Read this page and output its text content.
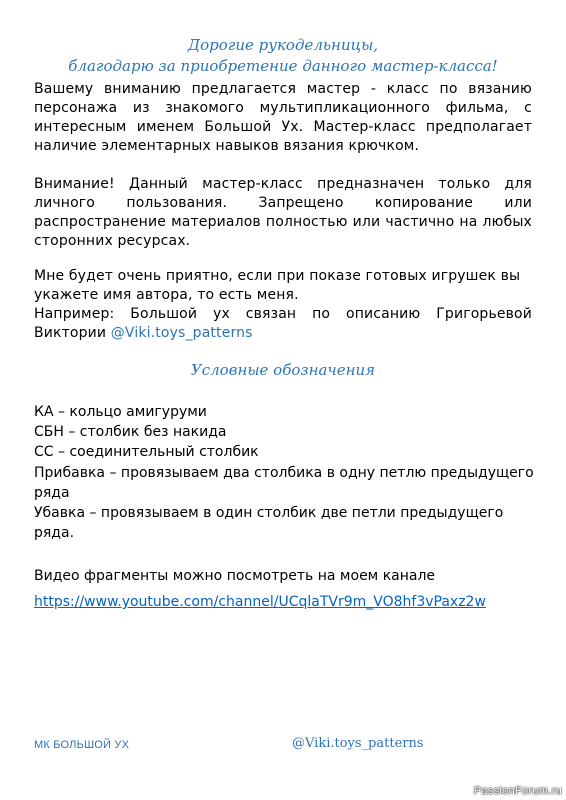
Дорогие рукодельницы,

благодарю за приобретение данного мастер-класса!

Вашему вниманию предлагается мастер - класс по вязанию персонажа из знакомого мультипликационного фильма, с интересным именем Большой Ух. Мастер-класс предполагает наличие элементарных навыков вязания крючком.

Внимание! Данный мастер-класс предназначен только для личного пользования. Запрещено копирование или распространение материалов полностью или частично на любых сторонних ресурсах.

Мне будет очень приятно, если при показе готовых игрушек вы укажете имя автора, то есть меня.

Например: Большой ух связан по описанию Григорьевой Виктории @Viki.toys_patterns

Условные обозначения

КА – кольцо амигуруми
СБН – столбик без накида
СС – соединительный столбик
Прибавка – провязываем два столбика в одну петлю предыдущего ряда
Убавка – провязываем в один столбик две петли предыдущего ряда.

Видео фрагменты можно посмотреть на моем канале

https://www.youtube.com/channel/UCqlaTVr9m_VO8hf3vPaxz2w
МК БОЛЬШОЙ УХ	@Viki.toys_patterns
PassionForum.ru
